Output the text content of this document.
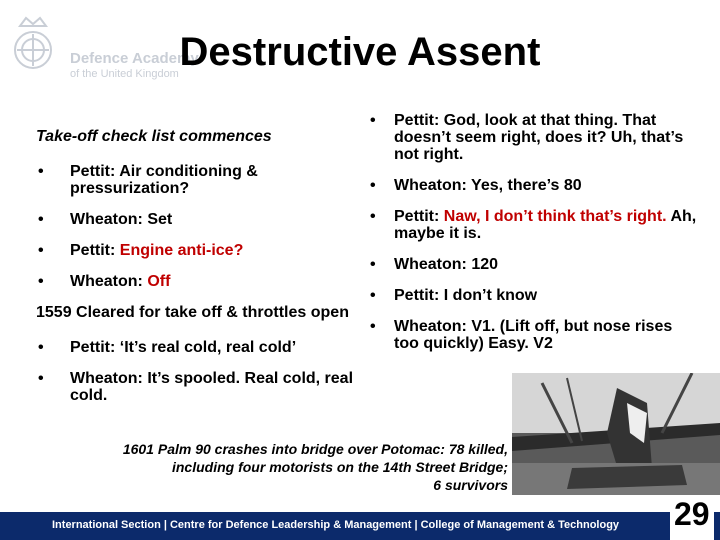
Defence Academy
of the United Kingdom Destructive Assent
Take-off check list commences
• Pettit: Air conditioning & pressurization?
• Wheaton: Set
• Pettit: Engine anti-ice?
• Wheaton: Off
1559 Cleared for take off & throttles open
• Pettit: ‘It’s real cold, real cold’
• Wheaton: It’s spooled. Real cold, real cold.
• Pettit: God, look at that thing. That doesn’t seem right, does it? Uh, that’s not right.
• Wheaton: Yes, there’s 80
• Pettit: Naw, I don’t think that’s right. Ah, maybe it is.
• Wheaton: 120
• Pettit: I don’t know
• Wheaton: V1. (Lift off, but nose rises too quickly) Easy. V2
1601 Palm 90 crashes into bridge over Potomac: 78 killed,
including four motorists on the 14th Street Bridge;
6 survivors
International Section | Centre for Defence Leadership & Management | College of Management & Technology 29
